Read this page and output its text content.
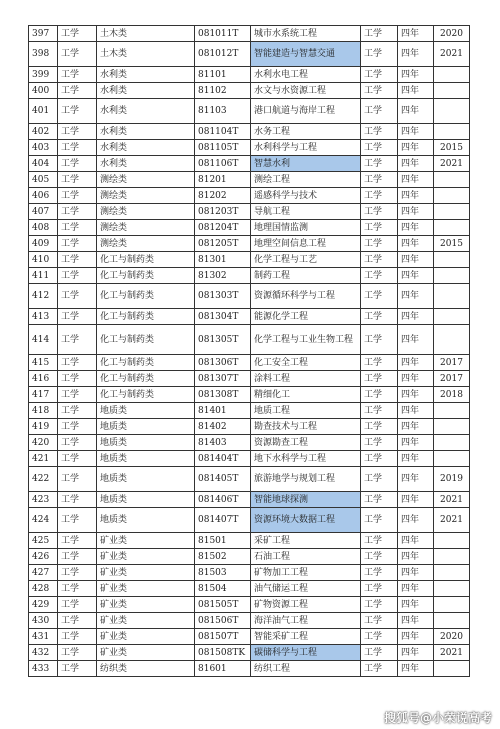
397	工学	土木类	081011T	城市水系统工程	工学	四年	2020
398	工学	土木类	081012T	智能建造与智慧交通	工学	四年	2021
399	工学	水利类	81101	水利水电工程	工学	四年	
400	工学	水利类	81102	水文与水资源工程	工学	四年	
401	工学	水利类	81103	港口航道与海岸工程	工学	四年	
402	工学	水利类	081104T	水务工程	工学	四年	
403	工学	水利类	081105T	水利科学与工程	工学	四年	2015
404	工学	水利类	081106T	智慧水利	工学	四年	2021
405	工学	测绘类	81201	测绘工程	工学	四年	
406	工学	测绘类	81202	遥感科学与技术	工学	四年	
407	工学	测绘类	081203T	导航工程	工学	四年	
408	工学	测绘类	081204T	地理国情监测	工学	四年	
409	工学	测绘类	081205T	地理空间信息工程	工学	四年	2015
410	工学	化工与制药类	81301	化学工程与工艺	工学	四年	
411	工学	化工与制药类	81302	制药工程	工学	四年	
412	工学	化工与制药类	081303T	资源循环科学与工程	工学	四年	
413	工学	化工与制药类	081304T	能源化学工程	工学	四年	
414	工学	化工与制药类	081305T	化学工程与工业生物工程	工学	四年	
415	工学	化工与制药类	081306T	化工安全工程	工学	四年	2017
416	工学	化工与制药类	081307T	涂料工程	工学	四年	2017
417	工学	化工与制药类	081308T	精细化工	工学	四年	2018
418	工学	地质类	81401	地质工程	工学	四年	
419	工学	地质类	81402	勘查技术与工程	工学	四年	
420	工学	地质类	81403	资源勘查工程	工学	四年	
421	工学	地质类	081404T	地下水科学与工程	工学	四年	
422	工学	地质类	081405T	旅游地学与规划工程	工学	四年	2019
423	工学	地质类	081406T	智能地球探测	工学	四年	2021
424	工学	地质类	081407T	资源环境大数据工程	工学	四年	2021
425	工学	矿业类	81501	采矿工程	工学	四年	
426	工学	矿业类	81502	石油工程	工学	四年	
427	工学	矿业类	81503	矿物加工工程	工学	四年	
428	工学	矿业类	81504	油气储运工程	工学	四年	
429	工学	矿业类	081505T	矿物资源工程	工学	四年	
430	工学	矿业类	081506T	海洋油气工程	工学	四年	
431	工学	矿业类	081507T	智能采矿工程	工学	四年	2020
432	工学	矿业类	081508TK	碳储科学与工程	工学	四年	2021
433	工学	纺织类	81601	纺织工程	工学	四年	
搜狐号@小荣说高考
